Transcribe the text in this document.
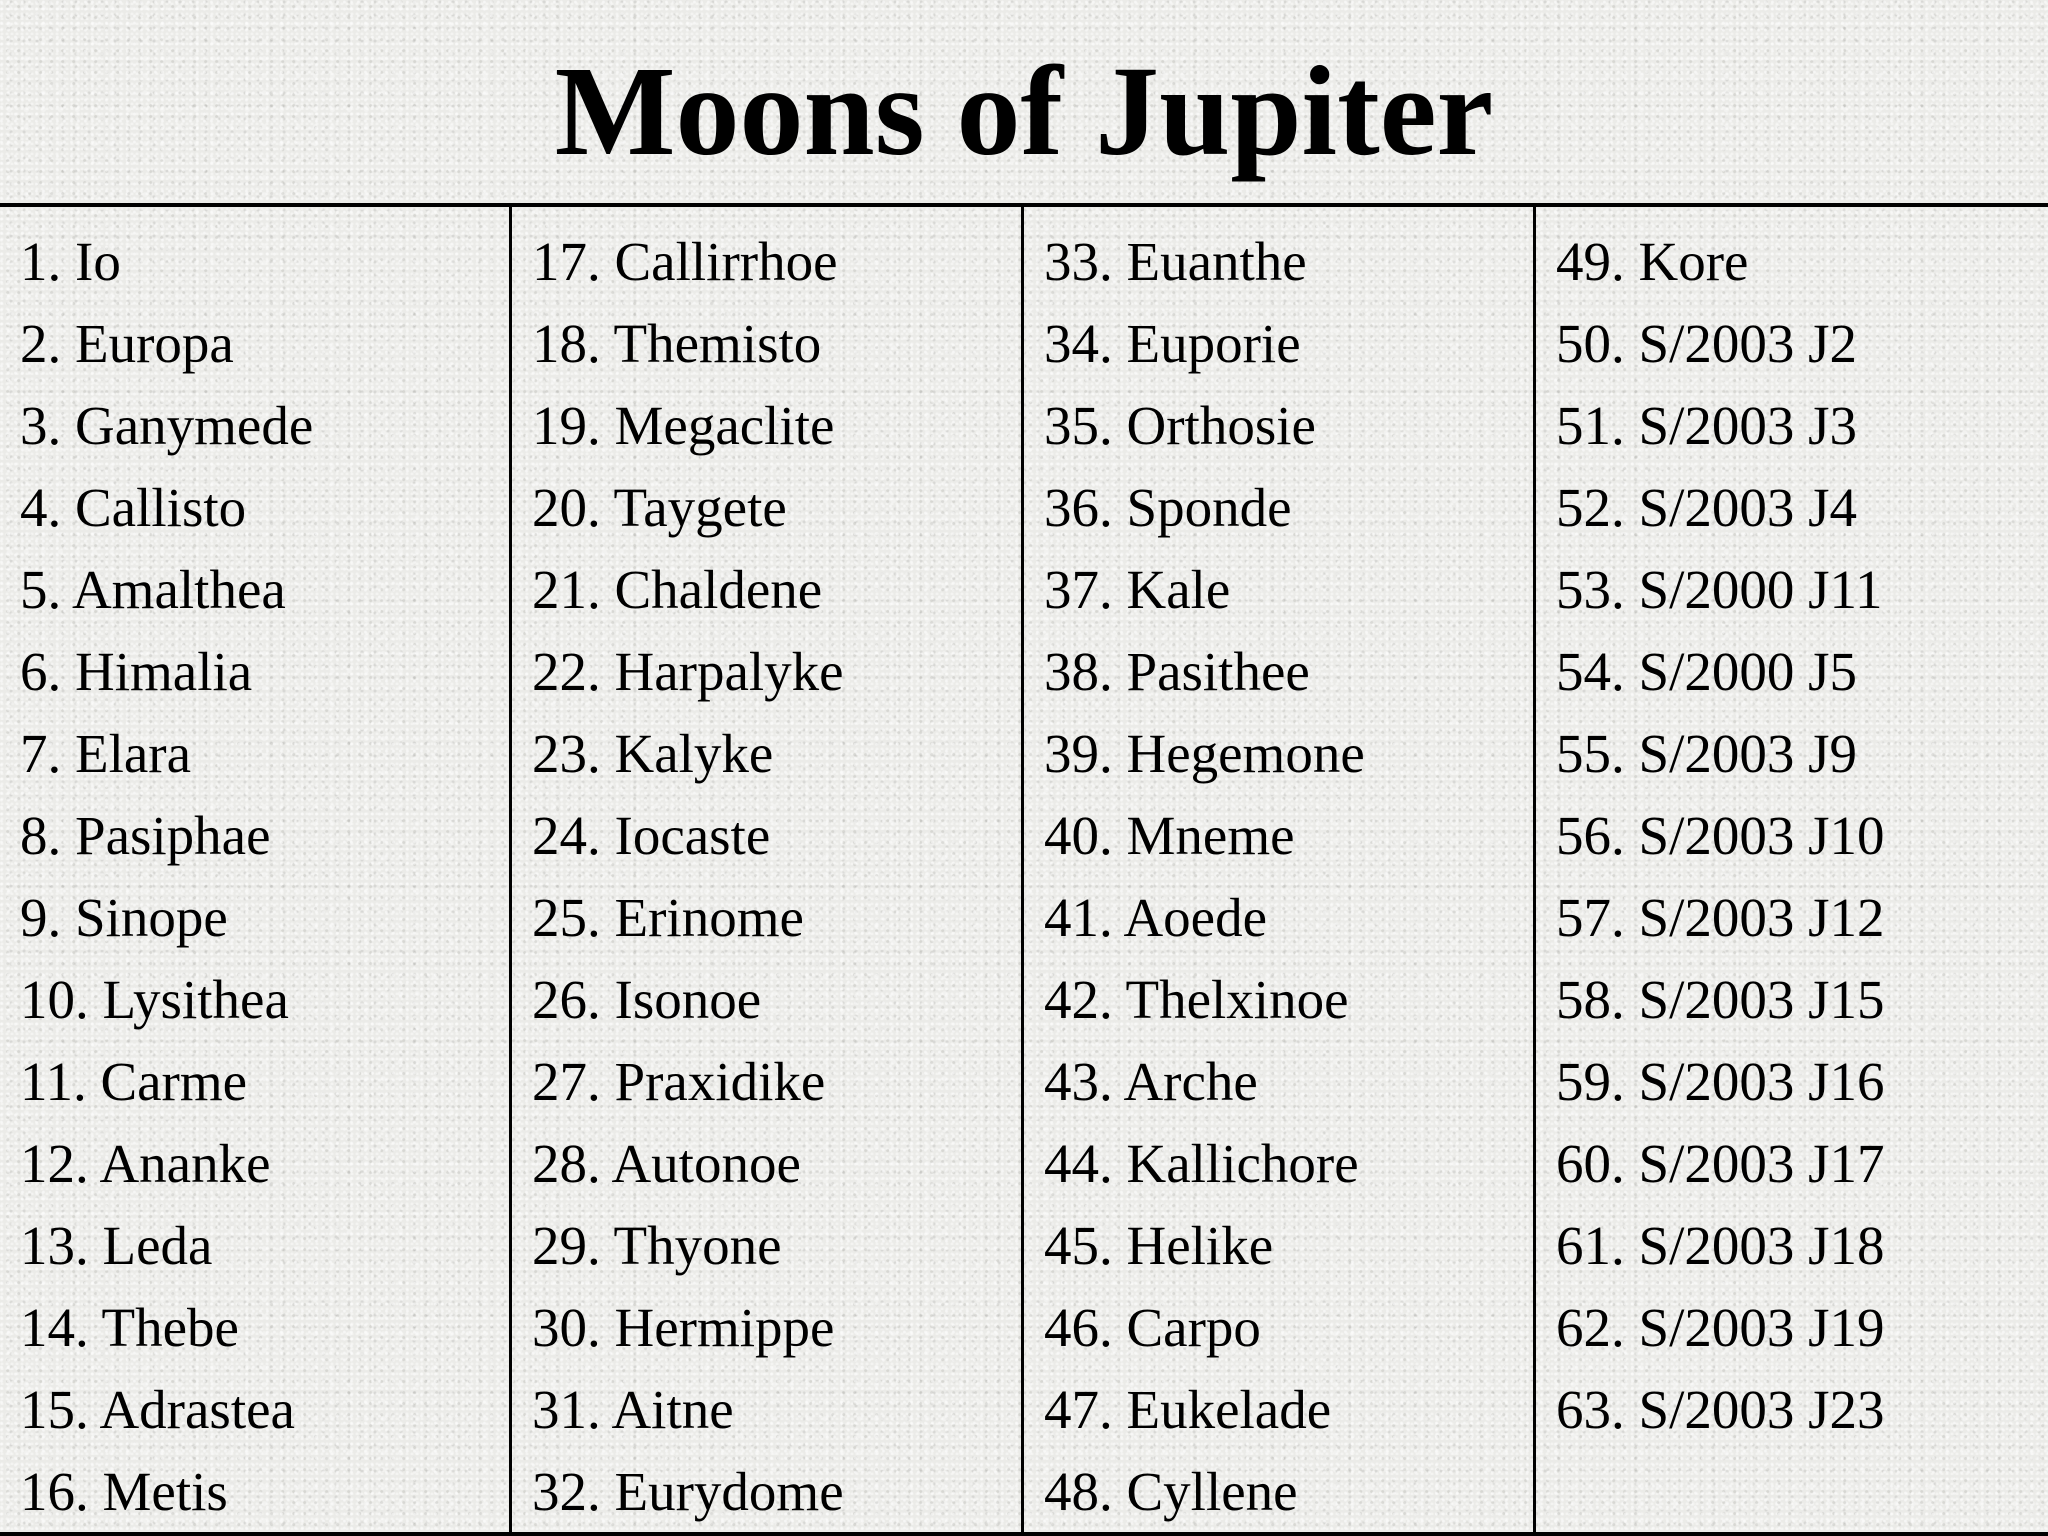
Moons of Jupiter
1. Io
2. Europa
3. Ganymede
4. Callisto
5. Amalthea
6. Himalia
7. Elara
8. Pasiphae
9. Sinope
10. Lysithea
11. Carme
12. Ananke
13. Leda
14. Thebe
15. Adrastea
16. Metis
17. Callirrhoe
18. Themisto
19. Megaclite
20. Taygete
21. Chaldene
22. Harpalyke
23. Kalyke
24. Iocaste
25. Erinome
26. Isonoe
27. Praxidike
28. Autonoe
29. Thyone
30. Hermippe
31. Aitne
32. Eurydome
33. Euanthe
34. Euporie
35. Orthosie
36. Sponde
37. Kale
38. Pasithee
39. Hegemone
40. Mneme
41. Aoede
42. Thelxinoe
43. Arche
44. Kallichore
45. Helike
46. Carpo
47. Eukelade
48. Cyllene
49. Kore
50. S/2003 J2
51. S/2003 J3
52. S/2003 J4
53. S/2000 J11
54. S/2000 J5
55. S/2003 J9
56. S/2003 J10
57. S/2003 J12
58. S/2003 J15
59. S/2003 J16
60. S/2003 J17
61. S/2003 J18
62. S/2003 J19
63. S/2003 J23
